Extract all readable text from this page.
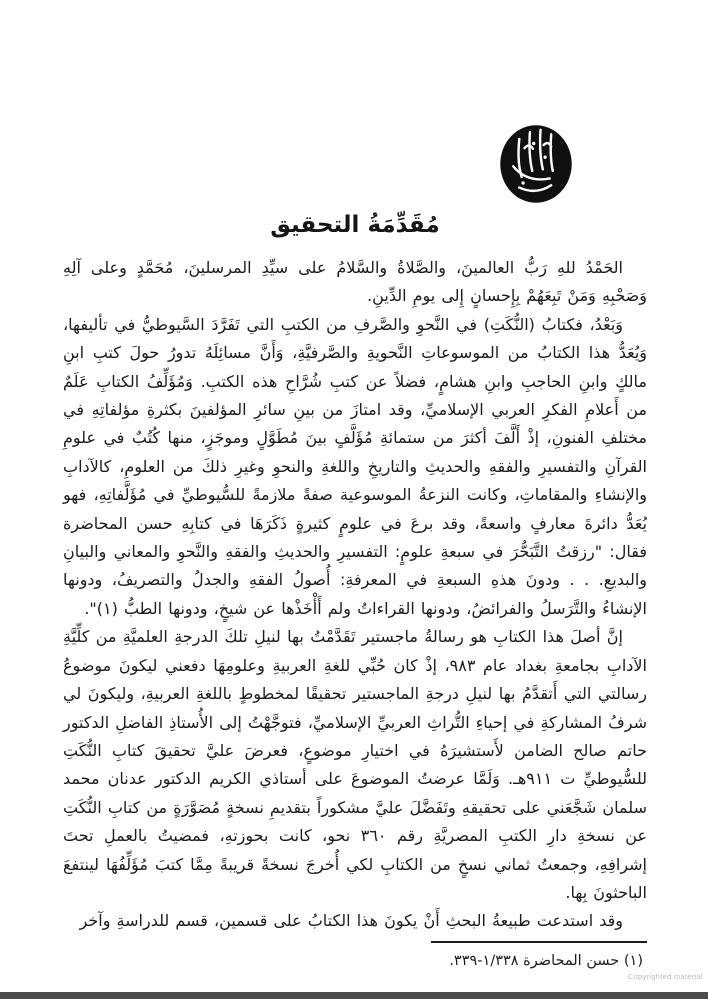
مُقَدِّمَةُ التحقيق

الحَمْدُ للهِ رَبُّ العالمينَ، والصَّلاةُ والسَّلامُ على سيِّدِ المرسلينَ، مُحَمَّدٍ وعلى آلِهِ وَصَحْبِهِ وَمَنْ تَبِعَهُمْ بِإِحسانٍ إِلى يومِ الدِّينِ.

وَبَعْدُ، فكتابُ (النُّكَتِ) في النَّحوِ والصَّرفِ من الكتبِ التي تَفَرَّدَ السَّيوطيُّ في تأليفها، وَيُعَدُّ هذا الكتابُ من الموسوعاتِ النَّحويةِ والصَّرفيَّةِ، وَأَنَّ مسائِلَهُ تدورُ حولَ كتبِ ابنِ مالكٍ وابنِ الحاجبِ وابنِ هشامٍ، فضلاً عن كتبِ شُرَّاحِ هذه الكتبِ. وَمُؤَلِّفُ الكتابِ عَلَمٌ من أَعلامِ الفكرِ العربي الإسلاميِّ، وقد امتازَ من بينِ سائرِ المؤلفينَ بكثرةِ مؤلفاتِهِ في مختلفِ الفنونِ، إذْ أَلَّفَ أكثرَ من ستمائةِ مُؤَلَّفٍ بينَ مُطَوَّلٍ وموجَزٍ، منها كُتُبٌ في علومِ القرآنِ والتفسيرِ والفقهِ والحديثِ والتاريخِ واللغةِ والنحوِ وغيرِ ذلكَ من العلومِ، كالآدابِ والإنشاءِ والمقاماتِ، وكانت النزعةُ الموسوعية صفةً ملازمةً للسُّيوطيِّ في مُؤَلَّفاتِهِ، فهو يُعَدُّ دائرةَ معارفٍ واسعةً، وقد برعَ في علومٍ كثيرةٍ ذَكَرَهَا في كتابِهِ حسن المحاضرة فقال: "رزقتُ التَّبَحُّرَ في سبعةِ علومٍ: التفسيرِ والحديثِ والفقهِ والنَّحوِ والمعاني والبيانِ والبديعِ. . . ودونَ هذهِ السبعةِ في المعرفةِ: أُصولُ الفقهِ والجدلُ والتصريفُ، ودونها الإنشاءُ والتَّرَسلُ والفرائضُ، ودونها القراءاتُ ولم أَأْخَذْها عن شيخٍ، ودونها الطبُّ (١)".

إنَّ أصلَ هذا الكتابِ هو رسالةُ ماجستير تَقَدَّمْتُ بها لنيلِ تلكَ الدرجةِ العلميَّةِ من كلِّيَّةِ الآدابِ بجامعةِ بغداد عام ٩٨٣، إذْ كان حُبِّي للغةِ العربيةِ وعلومِهَا دفعني ليكونَ موضوعُ رسالتي التي أَتقدَّمُ بها لنيلِ درجةِ الماجستير تحقيقًا لمخطوطٍ باللغةِ العربيةِ، وليكونَ لي شرفُ المشاركةِ في إحياءِ التُّراثِ العربيِّ الإسلاميِّ، فتوجَّهْتُ إلى الأُستاذِ الفاضلِ الدكتور حاتم صالح الضامن لأَستشيرَهُ في اختيارِ موضوعٍ، فعرضَ عليَّ تحقيقَ كتابِ النُّكَتِ للسُّيوطيِّ ت ٩١١هـ. وَلَمَّا عرضتُ الموضوعَ على أستاذي الكريم الدكتور عدنان محمد سلمان شَجَّعَني على تحقيقهِ وتَفَضَّلَ عليَّ مشكوراً بتقديمِ نسخةٍ مُصَوَّرَةٍ من كتابِ النُّكَتِ عن نسخةِ دارِ الكتبِ المصريَّةِ رقم ٣٦٠ نحو، كانت بحوزتهِ، فمضيتُ بالعملِ تحتَ إشرافِهِ، وجمعتُ ثماني نسخٍ من الكتابِ لكي أُخرجَ نسخةً قريبةً مِمَّا كتبَ مُؤَلِّفُهَا لينتفعَ الباحثونَ بِها.

وقد استدعت طبيعةُ البحثِ أَنْ يكونَ هذا الكتابُ على قسمين، قسم للدراسةِ وآخر

(١) حسن المحاضرة ١/٣٣٨-٣٣٩.

Copyrighted material
